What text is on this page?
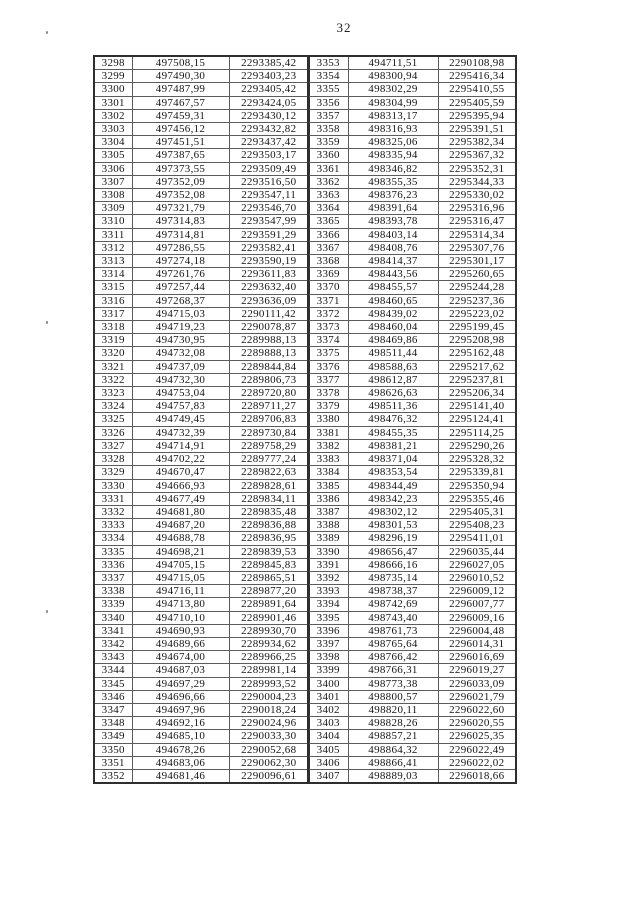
32
3298	497508,15	2293385,42
3299	497490,30	2293403,23
3300	497487,99	2293405,42
3301	497467,57	2293424,05
3302	497459,31	2293430,12
3303	497456,12	2293432,82
3304	497451,51	2293437,42
3305	497387,65	2293503,17
3306	497373,55	2293509,49
3307	497352,09	2293516,50
3308	497352,08	2293547,11
3309	497321,79	2293546,70
3310	497314,83	2293547,99
3311	497314,81	2293591,29
3312	497286,55	2293582,41
3313	497274,18	2293590,19
3314	497261,76	2293611,83
3315	497257,44	2293632,40
3316	497268,37	2293636,09
3317	494715,03	2290111,42
3318	494719,23	2290078,87
3319	494730,95	2289988,13
3320	494732,08	2289888,13
3321	494737,09	2289844,84
3322	494732,30	2289806,73
3323	494753,04	2289720,80
3324	494757,83	2289711,27
3325	494749,45	2289706,83
3326	494732,39	2289730,84
3327	494714,91	2289758,29
3328	494702,22	2289777,24
3329	494670,47	2289822,63
3330	494666,93	2289828,61
3331	494677,49	2289834,11
3332	494681,80	2289835,48
3333	494687,20	2289836,88
3334	494688,78	2289836,95
3335	494698,21	2289839,53
3336	494705,15	2289845,83
3337	494715,05	2289865,51
3338	494716,11	2289877,20
3339	494713,80	2289891,64
3340	494710,10	2289901,46
3341	494690,93	2289930,70
3342	494689,66	2289934,62
3343	494674,00	2289966,25
3344	494687,03	2289981,14
3345	494697,29	2289993,52
3346	494696,66	2290004,23
3347	494697,96	2290018,24
3348	494692,16	2290024,96
3349	494685,10	2290033,30
3350	494678,26	2290052,68
3351	494683,06	2290062,30
3352	494681,46	2290096,61
3353	494711,51	2290108,98
3354	498300,94	2295416,34
3355	498302,29	2295410,55
3356	498304,99	2295405,59
3357	498313,17	2295395,94
3358	498316,93	2295391,51
3359	498325,06	2295382,34
3360	498335,94	2295367,32
3361	498346,82	2295352,31
3362	498355,35	2295344,33
3363	498376,23	2295330,02
3364	498391,64	2295316,96
3365	498393,78	2295316,47
3366	498403,14	2295314,34
3367	498408,76	2295307,76
3368	498414,37	2295301,17
3369	498443,56	2295260,65
3370	498455,57	2295244,28
3371	498460,65	2295237,36
3372	498439,02	2295223,02
3373	498460,04	2295199,45
3374	498469,86	2295208,98
3375	498511,44	2295162,48
3376	498588,63	2295217,62
3377	498612,87	2295237,81
3378	498626,63	2295206,34
3379	498511,36	2295141,40
3380	498476,32	2295124,41
3381	498455,35	2295114,25
3382	498381,21	2295290,26
3383	498371,04	2295328,32
3384	498353,54	2295339,81
3385	498344,49	2295350,94
3386	498342,23	2295355,46
3387	498302,12	2295405,31
3388	498301,53	2295408,23
3389	498296,19	2295411,01
3390	498656,47	2296035,44
3391	498666,16	2296027,05
3392	498735,14	2296010,52
3393	498738,37	2296009,12
3394	498742,69	2296007,77
3395	498743,40	2296009,16
3396	498761,73	2296004,48
3397	498765,64	2296014,31
3398	498766,42	2296016,69
3399	498766,31	2296019,27
3400	498773,38	2296033,09
3401	498800,57	2296021,79
3402	498820,11	2296022,60
3403	498828,26	2296020,55
3404	498857,21	2296025,35
3405	498864,32	2296022,49
3406	498866,41	2296022,02
3407	498889,03	2296018,66
